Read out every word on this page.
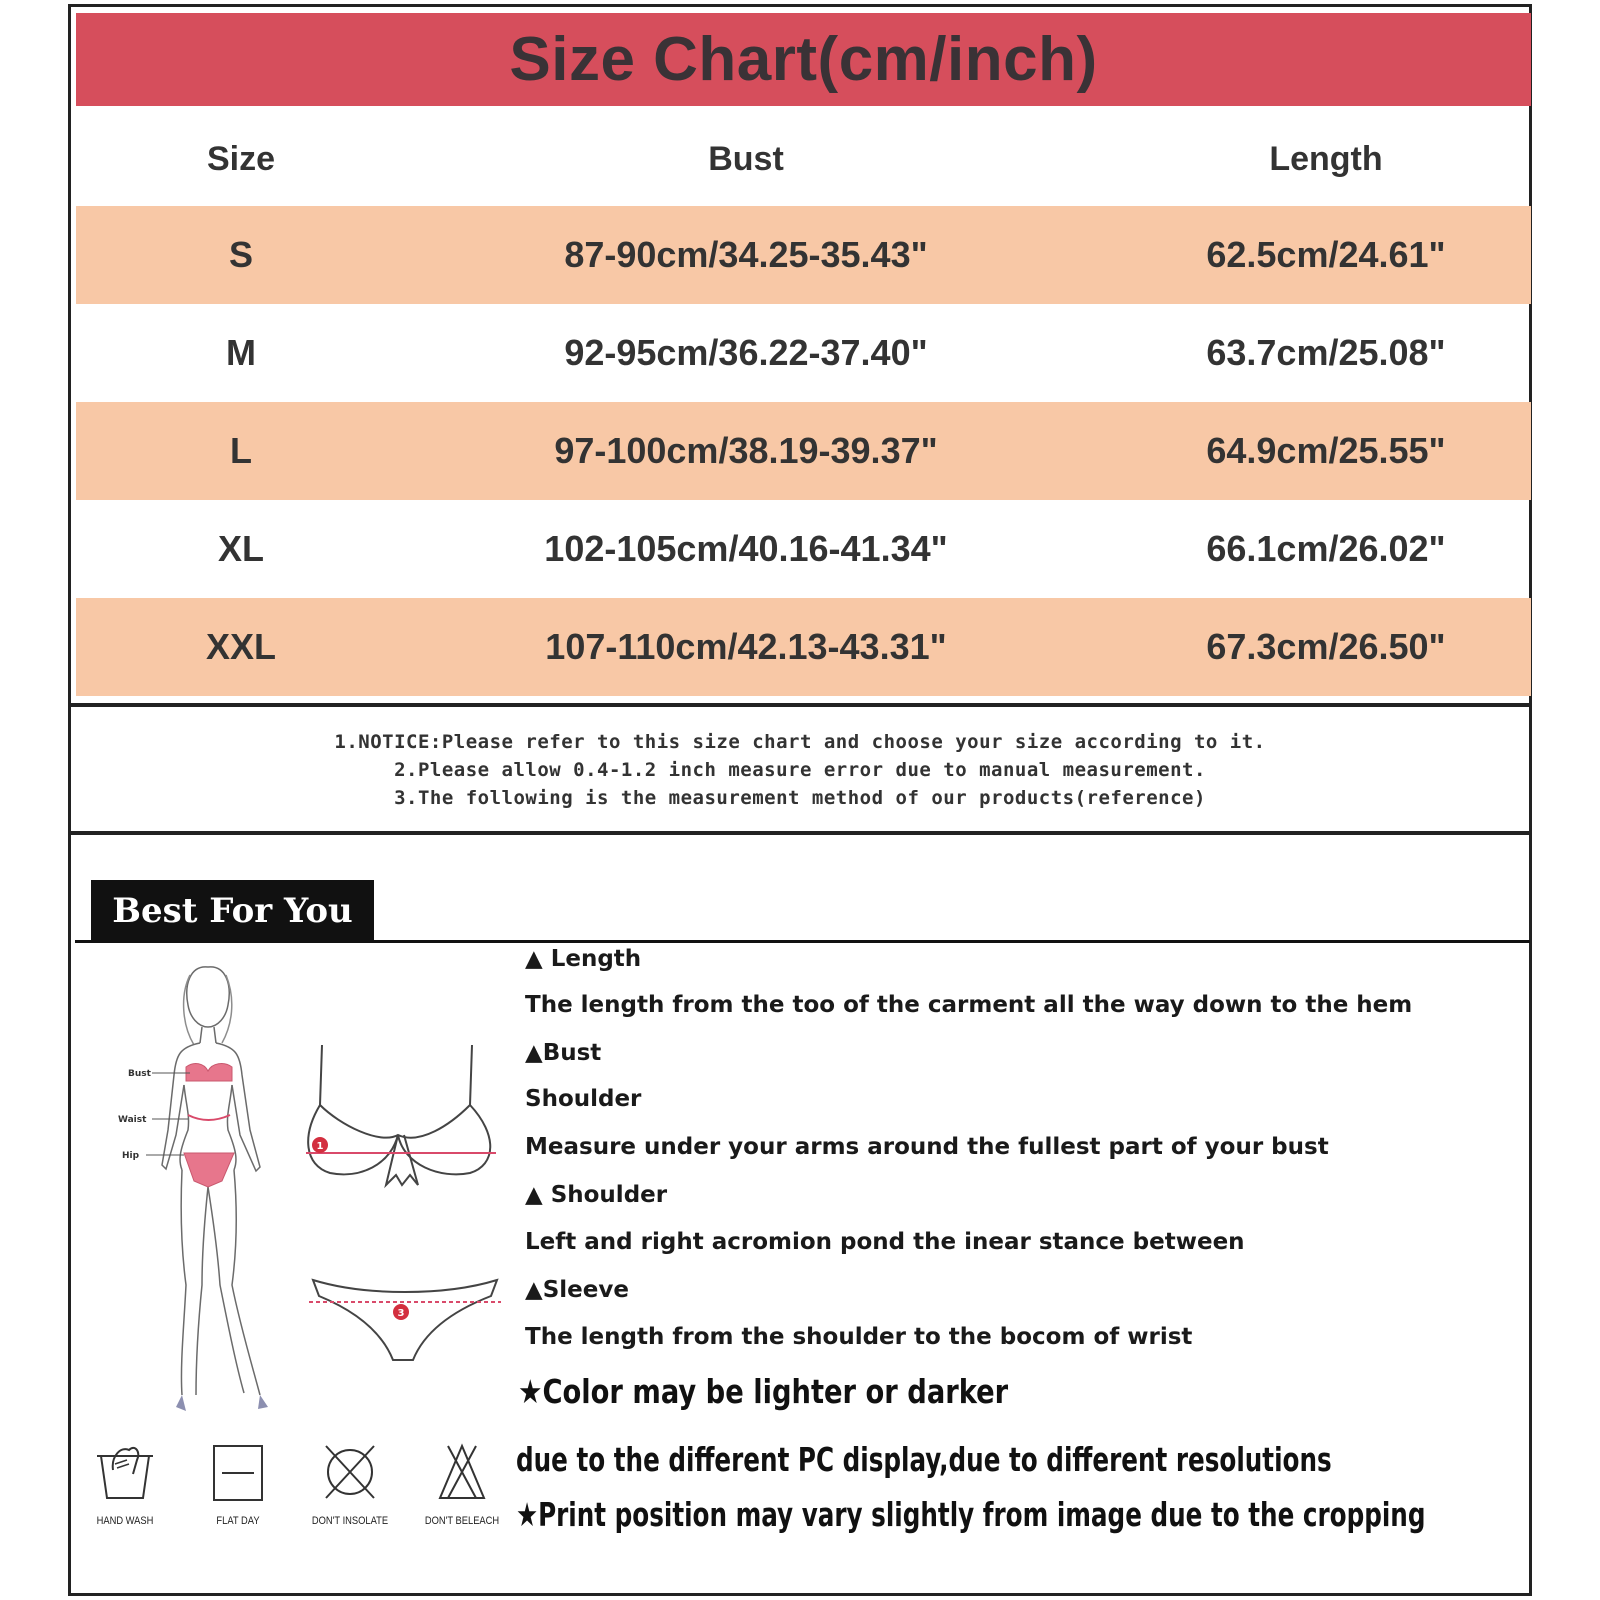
Size Chart(cm/inch)
Size	Bust	Length
S	87-90cm/34.25-35.43"	62.5cm/24.61"
M	92-95cm/36.22-37.40"	63.7cm/25.08"
L	97-100cm/38.19-39.37"	64.9cm/25.55"
XL	102-105cm/40.16-41.34"	66.1cm/26.02"
XXL	107-110cm/42.13-43.31"	67.3cm/26.50"
1.NOTICE:Please refer to this size chart and choose your size according to it.
2.Please allow 0.4-1.2 inch measure error due to manual measurement.
3.The following is the measurement method of our products(reference)
Best For You
Bust
Waist
Hip
1
3
▲ Length
The length from the too of the carment all the way down to the hem
▲Bust
Shoulder
Measure under your arms around the fullest part of your bust
▲ Shoulder
Left and right acromion pond the inear stance between
▲Sleeve
The length from the shoulder to the bocom of wrist
★Color may be lighter or darker
due to the different PC display,due to different resolutions
★Print position may vary slightly from image due to the cropping
HAND WASH	FLAT DAY	DON'T INSOLATE	DON'T BELEACH
